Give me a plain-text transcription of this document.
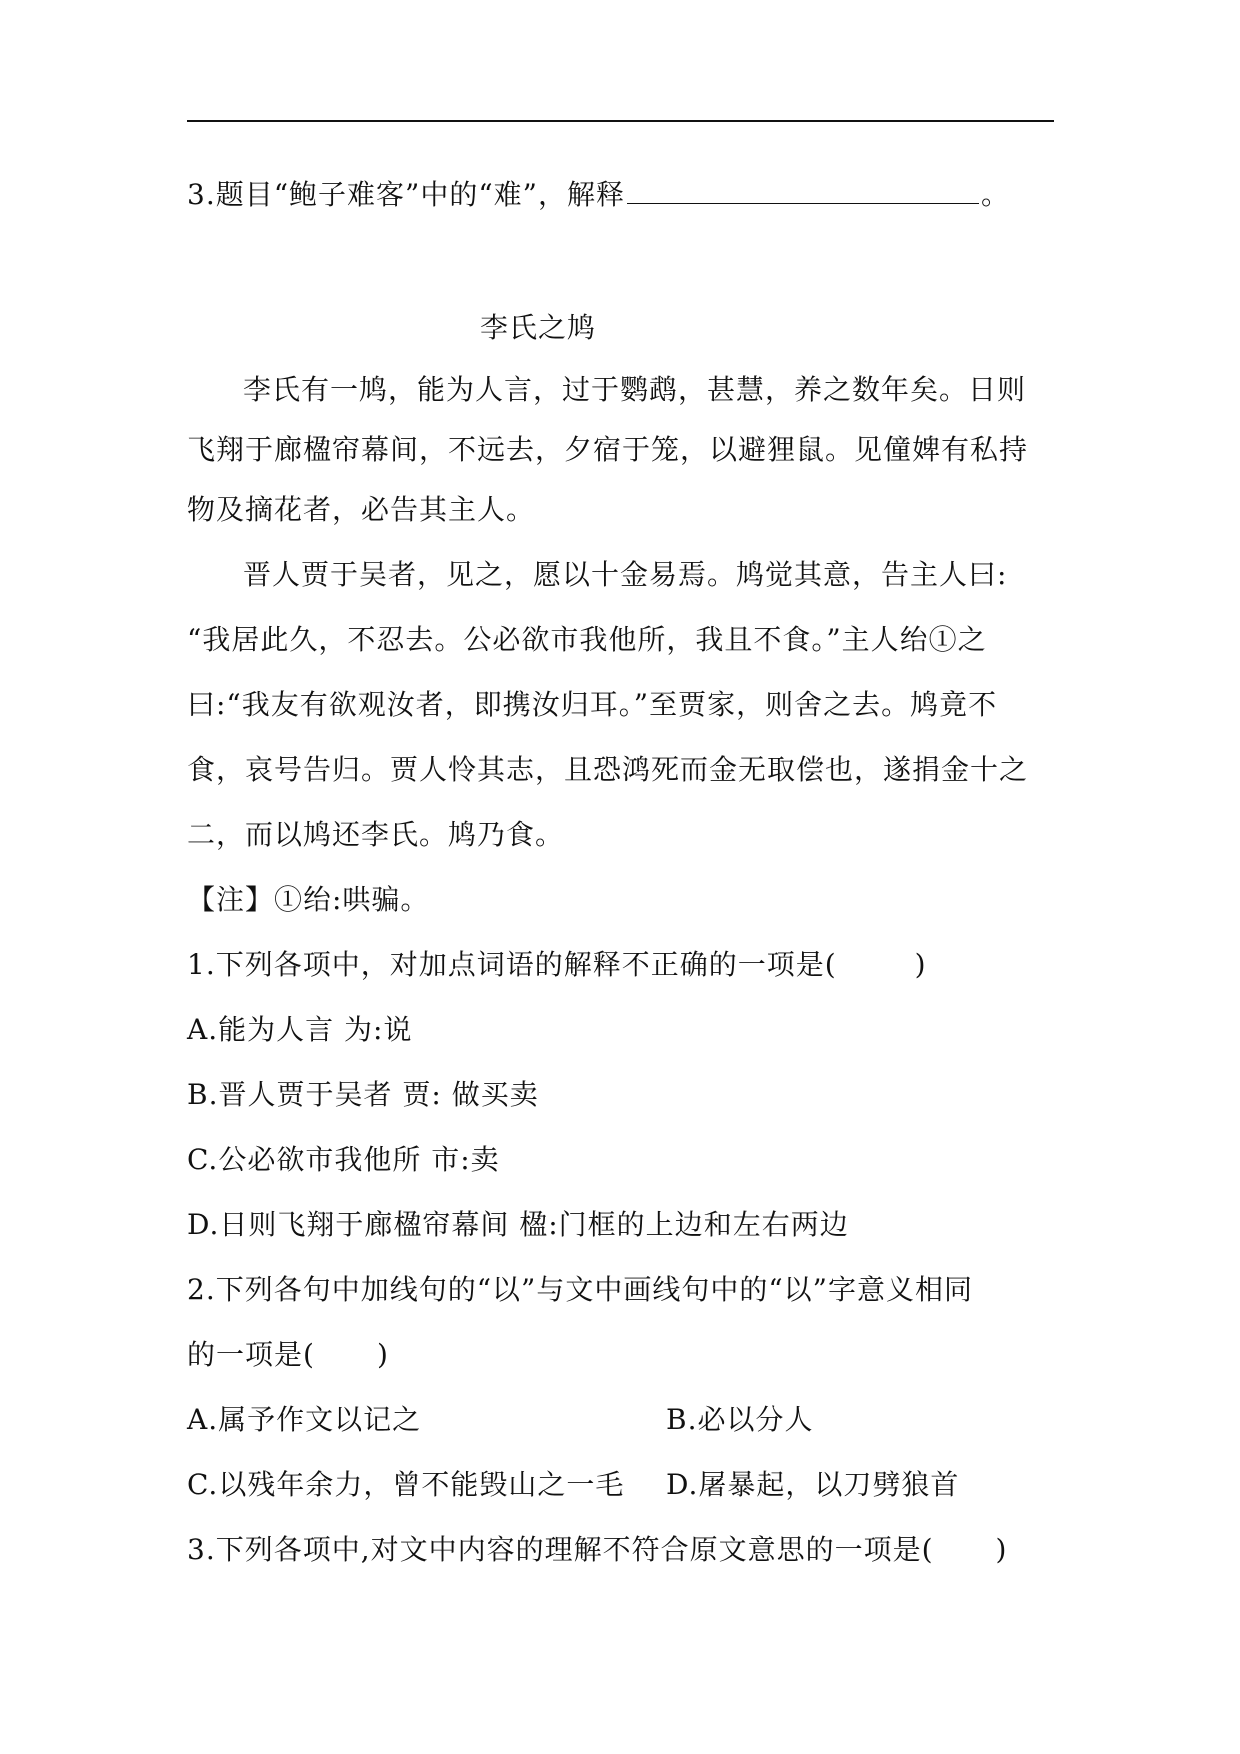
3.题目“鲍子难客”中的“难”，解释	。
李氏之鸠
李氏有一鸠，能为人言，过于鹦鹉，甚慧，养之数年矣。日则
飞翔于廊楹帘幕间，不远去，夕宿于笼，以避狸鼠。见僮婢有私持
物及摘花者，必告其主人。
晋人贾于吴者，见之，愿以十金易焉。鸠觉其意，告主人曰:
“我居此久，不忍去。公必欲市我他所，我且不食。”主人绐①之
曰:“我友有欲观汝者，即携汝归耳。”至贾家，则舍之去。鸠竟不
食，哀号告归。贾人怜其志，且恐鸿死而金无取偿也，遂捐金十之
二，而以鸠还李氏。鸠乃食。
【注】①绐:哄骗。
1.下列各项中，对加点词语的解释不正确的一项是(	)
A.能为人言 为:说
B.晋人贾于吴者 贾: 做买卖
C.公必欲市我他所 市:卖
D.日则飞翔于廊楹帘幕间 楹:门框的上边和左右两边
2.下列各句中加线句的“以”与文中画线句中的“以”字意义相同
的一项是( )
A.属予作文以记之	B.必以分人
C.以残年余力，曾不能毁山之一毛 D.屠暴起，以刀劈狼首
3.下列各项中,对文中内容的理解不符合原文意思的一项是( )
